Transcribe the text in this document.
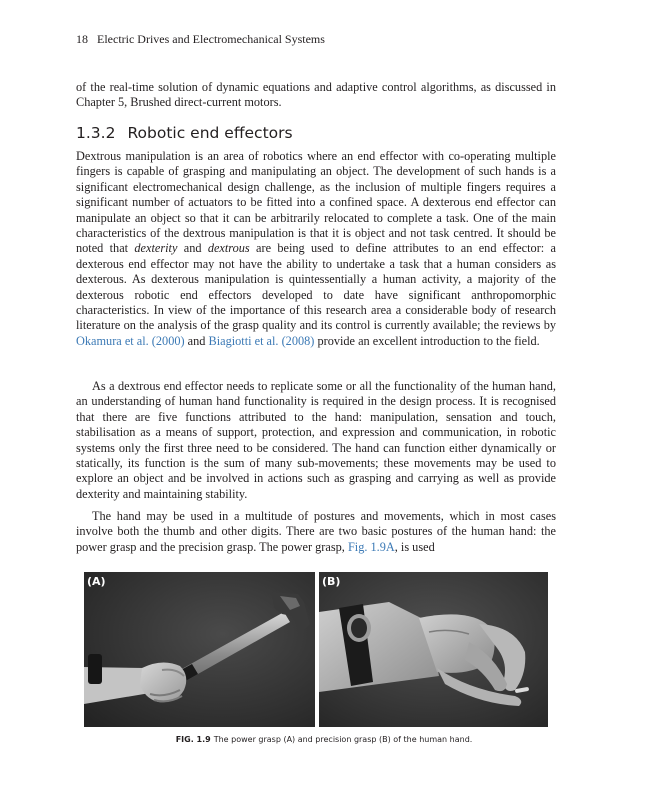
18 Electric Drives and Electromechanical Systems

of the real-time solution of dynamic equations and adaptive control algorithms, as discussed in Chapter 5, Brushed direct-current motors.

1.3.2 Robotic end effectors

Dextrous manipulation is an area of robotics where an end effector with co-operating multiple fingers is capable of grasping and manipulating an object. The development of such hands is a significant electromechanical design challenge, as the inclusion of multiple fingers requires a significant number of actuators to be fitted into a confined space. A dexterous end effector can manipulate an object so that it can be arbitrarily relocated to complete a task. One of the main characteristics of the dextrous manipulation is that it is object and not task centred. It should be noted that dexterity and dextrous are being used to define attributes to an end effector: a dexterous end effector may not have the ability to undertake a task that a human considers as dexterous. As dexterous manipulation is quintessentially a human activity, a majority of the dexterous robotic end effectors developed to date have significant anthropomorphic characteristics. In view of the importance of this research area a considerable body of research literature on the analysis of the grasp quality and its control is currently available; the reviews by Okamura et al. (2000) and Biagiotti et al. (2008) provide an excellent introduction to the field.

As a dextrous end effector needs to replicate some or all the functionality of the human hand, an understanding of human hand functionality is required in the design process. It is recognised that there are five functions attributed to the hand: manipulation, sensation and touch, stabilisation as a means of support, protection, and expression and communication, in robotic systems only the first three need to be considered. The hand can function either dynamically or statically, its function is the sum of many sub-movements; these movements may be used to explore an object and be involved in actions such as grasping and carrying as well as provide dexterity and maintaining stability.

The hand may be used in a multitude of postures and movements, which in most cases involve both the thumb and other digits. There are two basic postures of the human hand: the power grasp and the precision grasp. The power grasp, Fig. 1.9A, is used

(A)	(B)
FIG. 1.9 The power grasp (A) and precision grasp (B) of the human hand.
